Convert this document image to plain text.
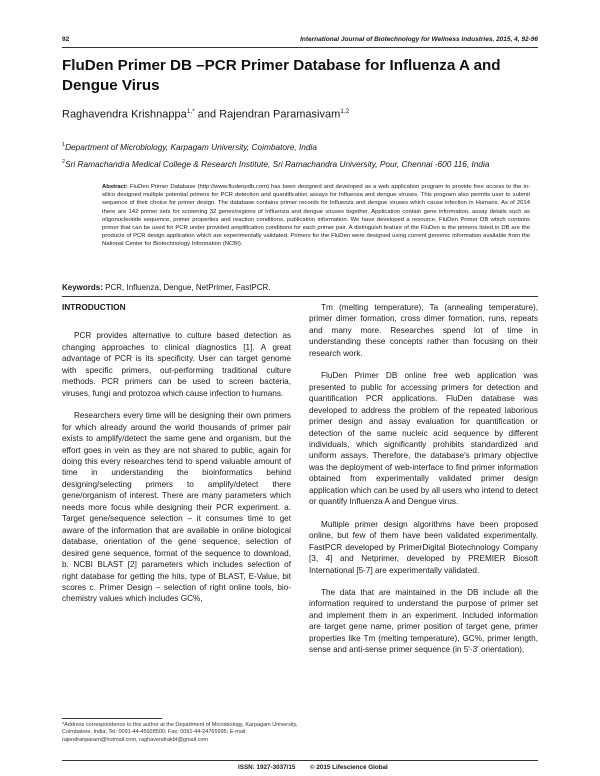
92	International Journal of Biotechnology for Wellness Industries, 2015, 4, 92-96
FluDen Primer DB –PCR Primer Database for Influenza A and Dengue Virus
Raghavendra Krishnappa$^{1,*}$ and Rajendran Paramasivam$^{1,2}$
$^1$Department of Microbiology, Karpagam University, Coimbatore, India
$^2$Sri Ramachandra Medical College & Research Institute, Sri Ramachandra University, Pour, Chennai -600 116, India

Abstract: FluDen Primer Database (http://www.fludenpdb.com) has been designed and developed as a web application program to provide free access to the in-silico designed multiple potential primers for PCR detection and quantification assays for Influenza and dengue viruses. This program also permits user to submit sequence of their choice for primer design. The database contains primer records for Influenza and dengue viruses which cause infection in Humans. As of 2014 there are 142 primer sets for screening 32 genes/regions of Influenza and dengue viruses together. Application contain gene information, assay details such as oligonucleotide sequence, primer properties and reaction conditions, publication information. We have developed a resource, FluDen Primer DB which contains primer that can be used for PCR under provided amplification conditions for each primer pair. A distinguish feature of the FluDen is the primers listed in DB are the products of PCR design application which are experimentally validated. Primers for the FluDen were designed using current genomic information available from the National Center for Biotechnology Information (NCBI).

Keywords: PCR, Influenza, Dengue, NetPrimer, FastPCR.
INTRODUCTION

PCR provides alternative to culture based detection as changing approaches to clinical diagnostics [1]. A great advantage of PCR is its specificity. User can target genome with specific primers, out-performing traditional culture methods. PCR primers can be used to screen bacteria, viruses, fungi and protozoa which cause infection to humans.

Researchers every time will be designing their own primers for which already around the world thousands of primer pair exists to amplify/detect the same gene and organism, but the effort goes in vein as they are not shared to public, again for doing this every researches tend to spend valuable amount of time in understanding the bioinformatics behind designing/selecting primers to amplify/detect there gene/organism of interest. There are many parameters which needs more focus while designing their PCR experiment. a. Target gene/sequence selection – it consumes time to get aware of the information that are available in online biological database, orientation of the gene sequence, selection of desired gene sequence, format of the sequence to download, b. NCBI BLAST [2] parameters which includes selection of right database for getting the hits, type of BLAST, E-Value, bit scores c. Primer Design – selection of right online tools, bio-chemistry values which includes GC%,

Tm (melting temperature), Ta (annealing temperature), primer dimer formation, cross dimer formation, runs, repeats and many more. Researches spend lot of time in understanding these concepts rather than focusing on their research work.

FluDen Primer DB online free web application was presented to public for accessing primers for detection and quantification PCR applications. FluDen database was developed to address the problem of the repeated laborious primer design and assay evaluation for quantification or detection of the same nucleic acid sequence by different individuals, which significantly prohibits standardized and uniform assays. Therefore, the database's primary objective was the deployment of web-interface to find primer information obtained from experimentally validated primer design application which can be used by all users who intend to detect or quantify Influenza A and Dengue virus.

Multiple primer design algorithms have been proposed online, but few of them have been validated experimentally. FastPCR developed by PrimerDigital Biotechnology Company [3, 4] and Netprimer, developed by PREMIER Biosoft International [5-7] are experimentally validated.

The data that are maintained in the DB include all the information required to understand the purpose of primer set and implement them in an experiment. Included information are target gene name, primer position of target gene, primer properties like Tm (melting temperature), GC%, primer length, sense and anti-sense primer sequence (in 5'-3' orientation),

*Address correspondence to this author at the Department of Microbiology, Karpagam University, Coimbatore, India; Tel: 0091-44-45928500; Fax: 0091-44-24765995; E-mail: rajendranparam@hotmail.com, raghavendrakbt@gmail.com

ISSN: 1927-3037/15 © 2015 Lifescience Global
